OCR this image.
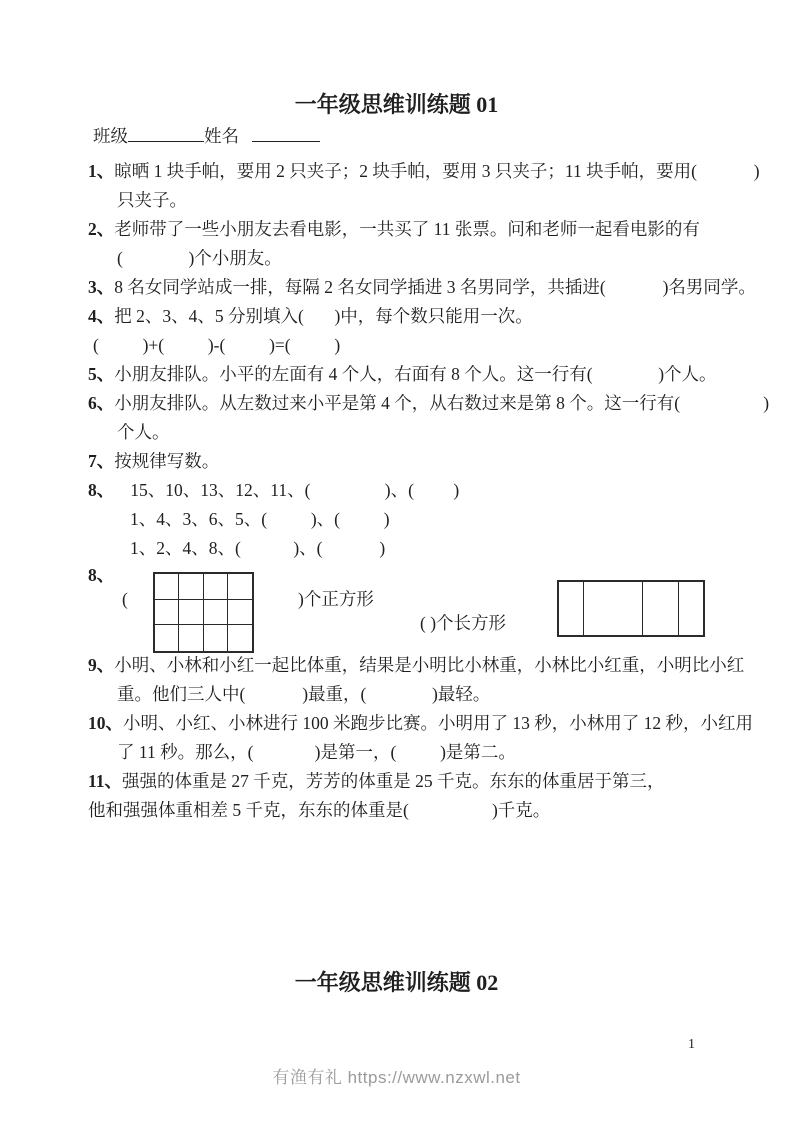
一年级思维训练题 01
班级	姓名
1、晾晒 1 块手帕，要用 2 只夹子；2 块手帕，要用 3 只夹子；11 块手帕，要用(             )
只夹子。
2、老师带了一些小朋友去看电影，一共买了 11 张票。问和老师一起看电影的有
(               )个小朋友。
3、8 名女同学站成一排，每隔 2 名女同学插进 3 名男同学，共插进(             )名男同学。
4、把 2、3、4、5 分别填入(       )中，每个数只能用一次。
(          )+(          )-(          )=(          )
5、小朋友排队。小平的左面有 4 个人，右面有 8 个人。这一行有(               )个人。
6、小朋友排队。从左数过来小平是第 4 个，从右数过来是第 8 个。这一行有(                   )
个人。
7、按规律写数。
8、 15、10、13、12、11、(                 )、(         )
1、4、3、6、5、(          )、(          )
1、2、4、8、(            )、(             )
8、
(	)个正方形
( )个长方形
9、小明、小林和小红一起比体重，结果是小明比小林重，小林比小红重，小明比小红
重。他们三人中(             )最重，(               )最轻。
10、小明、小红、小林进行 100 米跑步比赛。小明用了 13 秒，小林用了 12 秒，小红用
了 11 秒。那么，(              )是第一，(          )是第二。
11、强强的体重是 27 千克，芳芳的体重是 25 千克。东东的体重居于第三，
他和强强体重相差 5 千克，东东的体重是(                   )千克。
一年级思维训练题 02
1
有渔有礼 https://www.nzxwl.net
